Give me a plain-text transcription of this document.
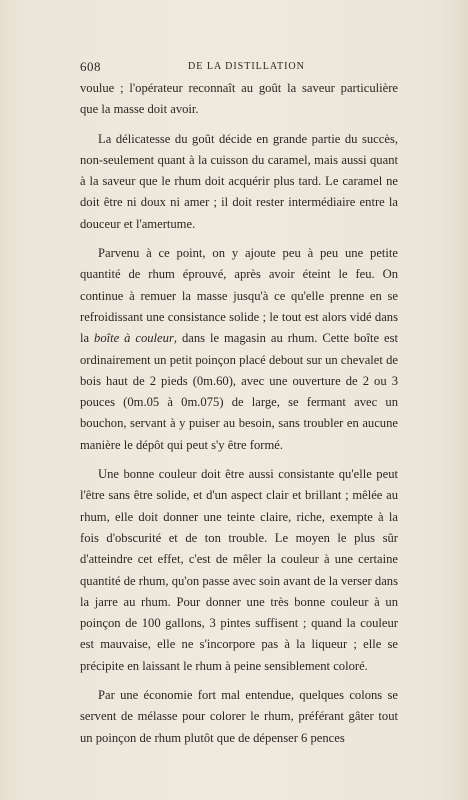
608	DE LA DISTILLATION

voulue ; l'opérateur reconnaît au goût la saveur particulière que la masse doit avoir.

La délicatesse du goût décide en grande partie du succès, non-seulement quant à la cuisson du caramel, mais aussi quant à la saveur que le rhum doit acquérir plus tard. Le caramel ne doit être ni doux ni amer ; il doit rester intermédiaire entre la douceur et l'amertume.

Parvenu à ce point, on y ajoute peu à peu une petite quantité de rhum éprouvé, après avoir éteint le feu. On continue à remuer la masse jusqu'à ce qu'elle prenne en se refroidissant une consistance solide ; le tout est alors vidé dans la boîte à couleur, dans le magasin au rhum. Cette boîte est ordinairement un petit poinçon placé debout sur un chevalet de bois haut de 2 pieds (0m.60), avec une ouverture de 2 ou 3 pouces (0m.05 à 0m.075) de large, se fermant avec un bouchon, servant à y puiser au besoin, sans troubler en aucune manière le dépôt qui peut s'y être formé.

Une bonne couleur doit être aussi consistante qu'elle peut l'être sans être solide, et d'un aspect clair et brillant ; mêlée au rhum, elle doit donner une teinte claire, riche, exempte à la fois d'obscurité et de ton trouble. Le moyen le plus sûr d'atteindre cet effet, c'est de mêler la couleur à une certaine quantité de rhum, qu'on passe avec soin avant de la verser dans la jarre au rhum. Pour donner une très bonne couleur à un poinçon de 100 gallons, 3 pintes suffisent ; quand la couleur est mauvaise, elle ne s'incorpore pas à la liqueur ; elle se précipite en laissant le rhum à peine sensiblement coloré.

Par une économie fort mal entendue, quelques colons se servent de mélasse pour colorer le rhum, préférant gâter tout un poinçon de rhum plutôt que de dépenser 6 pences
